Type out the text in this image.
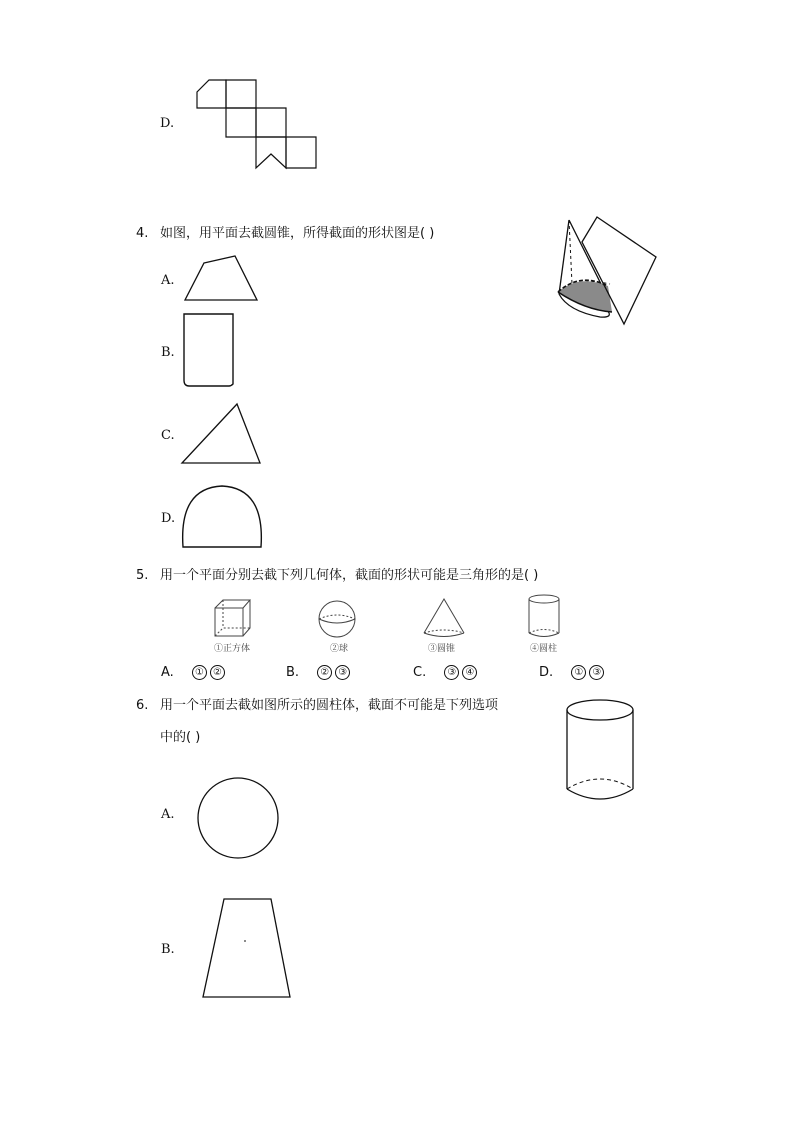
D.
4. 如图，用平面去截圆锥，所得截面的形状图是( )
A.
B.
C.
D.
5. 用一个平面分别去截下列几何体，截面的形状可能是三角形的是( )
①正方体	②球	③圆锥	④圆柱
A. ① ②	B. ② ③	C. ③ ④	D. ① ③
6. 用一个平面去截如图所示的圆柱体，截面不可能是下列选项
中的( )
A.
B.
